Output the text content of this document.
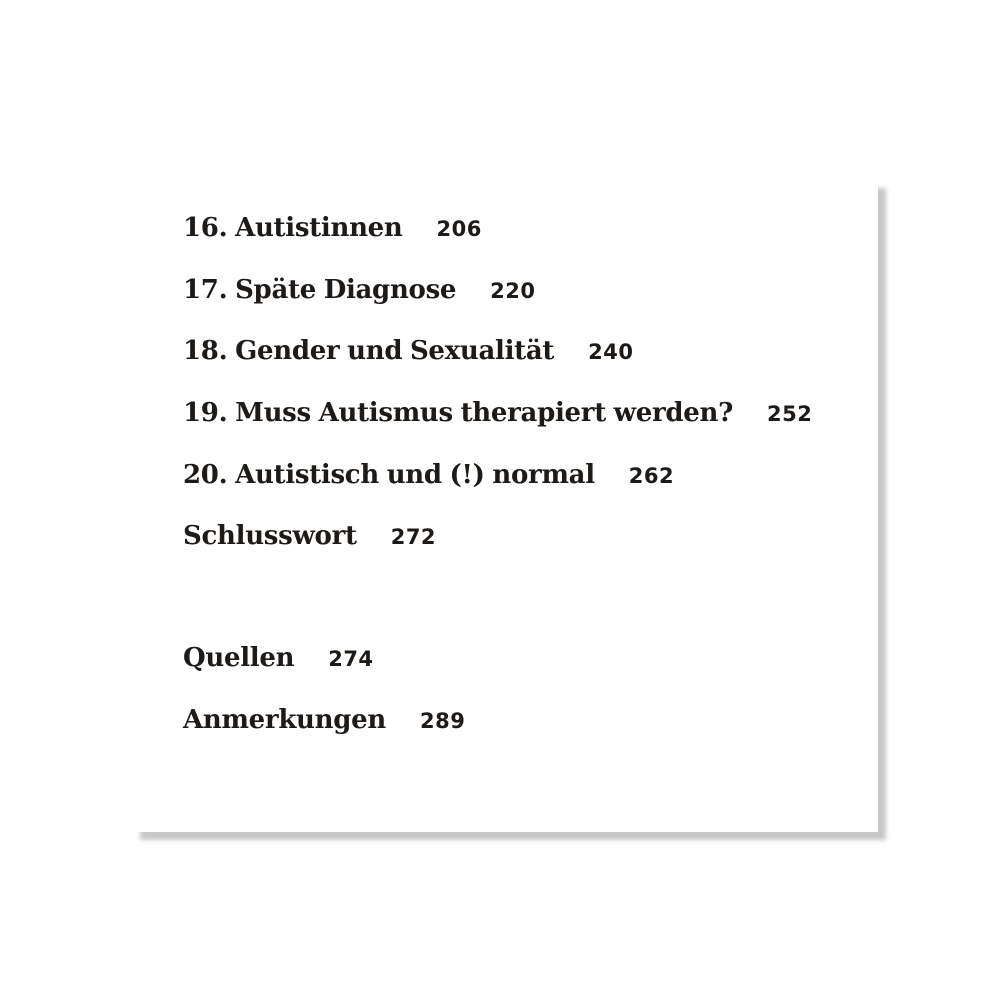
16. Autistinnen 206
17. Späte Diagnose 220
18. Gender und Sexualität 240
19. Muss Autismus therapiert werden? 252
20. Autistisch und (!) normal 262
Schlusswort 272
Quellen 274
Anmerkungen 289
